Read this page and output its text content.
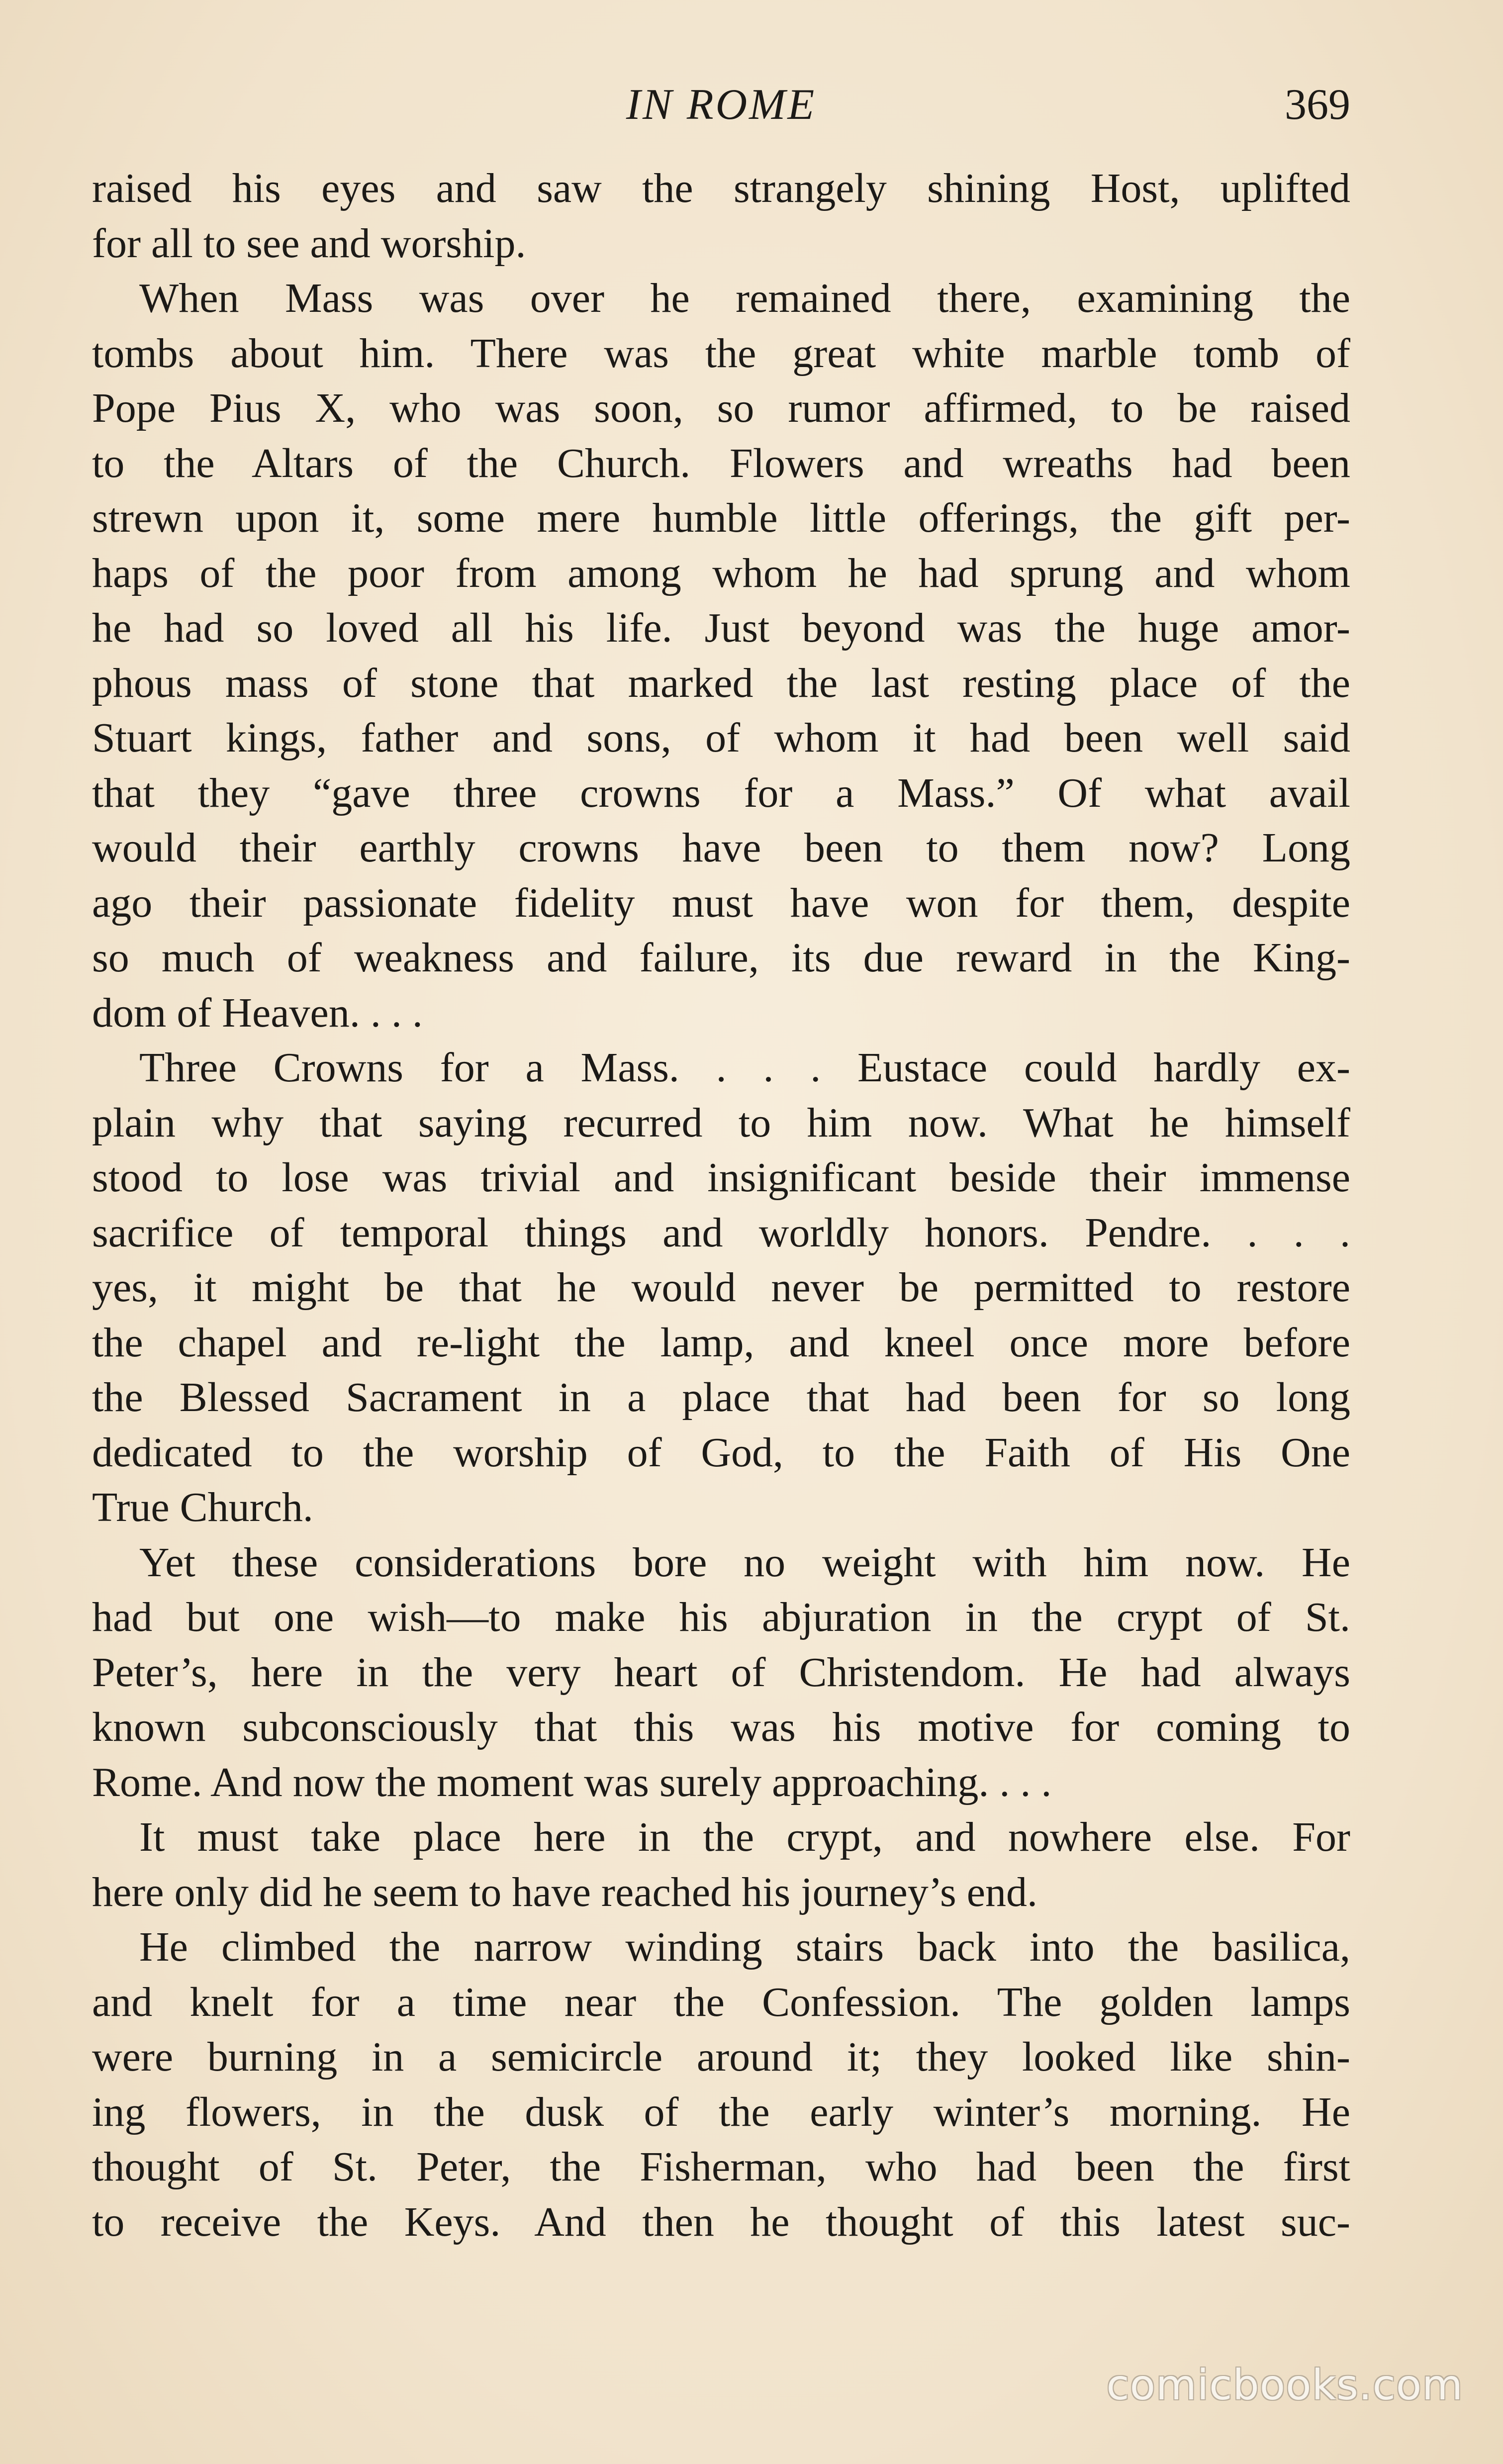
IN ROME	369
raised his eyes and saw the strangely shining Host, uplifted
for all to see and worship.
When Mass was over he remained there, examining the
tombs about him. There was the great white marble tomb of
Pope Pius X, who was soon, so rumor affirmed, to be raised
to the Altars of the Church. Flowers and wreaths had been
strewn upon it, some mere humble little offerings, the gift per-
haps of the poor from among whom he had sprung and whom
he had so loved all his life. Just beyond was the huge amor-
phous mass of stone that marked the last resting place of the
Stuart kings, father and sons, of whom it had been well said
that they “gave three crowns for a Mass.” Of what avail
would their earthly crowns have been to them now? Long
ago their passionate fidelity must have won for them, despite
so much of weakness and failure, its due reward in the King-
dom of Heaven. . . .
Three Crowns for a Mass. . . . Eustace could hardly ex-
plain why that saying recurred to him now. What he himself
stood to lose was trivial and insignificant beside their immense
sacrifice of temporal things and worldly honors. Pendre. . . .
yes, it might be that he would never be permitted to restore
the chapel and re-light the lamp, and kneel once more before
the Blessed Sacrament in a place that had been for so long
dedicated to the worship of God, to the Faith of His One
True Church.
Yet these considerations bore no weight with him now. He
had but one wish—to make his abjuration in the crypt of St.
Peter’s, here in the very heart of Christendom. He had always
known subconsciously that this was his motive for coming to
Rome. And now the moment was surely approaching. . . .
It must take place here in the crypt, and nowhere else. For
here only did he seem to have reached his journey’s end.
He climbed the narrow winding stairs back into the basilica,
and knelt for a time near the Confession. The golden lamps
were burning in a semicircle around it; they looked like shin-
ing flowers, in the dusk of the early winter’s morning. He
thought of St. Peter, the Fisherman, who had been the first
to receive the Keys. And then he thought of this latest suc-
comicbooks.com
